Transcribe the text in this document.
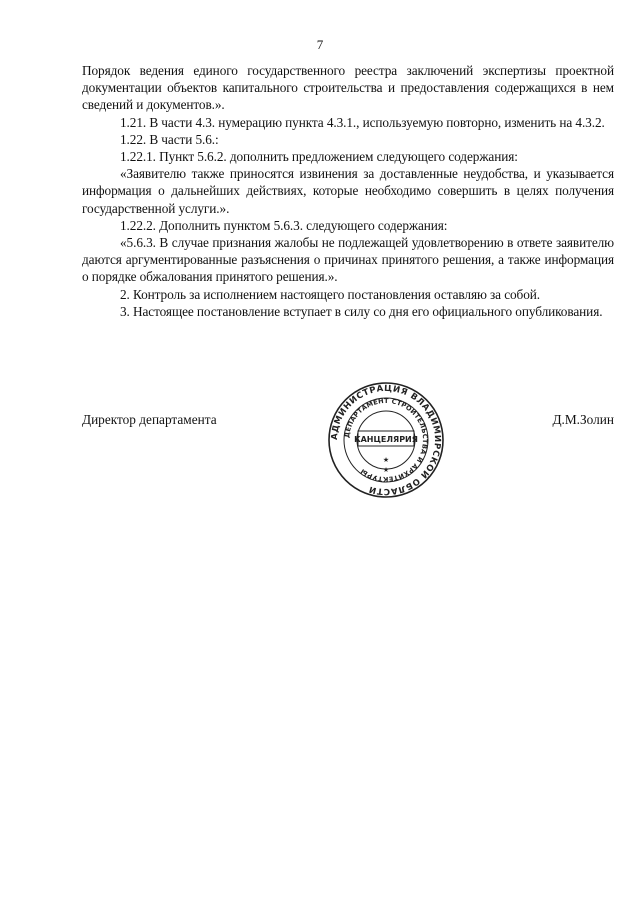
7

Порядок ведения единого государственного реестра заключений экспертизы проектной документации объектов капитального строительства и предоставления содержащихся в нем сведений и документов.».

1.21. В части 4.3. нумерацию пункта 4.3.1., используемую повторно, изменить на 4.3.2.

1.22. В части 5.6.:

1.22.1. Пункт 5.6.2. дополнить предложением следующего содержания:

«Заявителю также приносятся извинения за доставленные неудобства, и указывается информация о дальнейших действиях, которые необходимо совершить в целях получения государственной услуги.».

1.22.2. Дополнить пунктом 5.6.3. следующего содержания:

«5.6.3. В случае признания жалобы не подлежащей удовлетворению в ответе заявителю даются аргументированные разъяснения о причинах принятого решения, а также информация о порядке обжалования принятого решения.».

2. Контроль за исполнением настоящего постановления оставляю за собой.

3. Настоящее постановление вступает в силу со дня его официального опубликования.

Директор департамента
АДМИНИСТРАЦИЯ ВЛАДИМИРСКОЙ ОБЛАСТИ
ДЕПАРТАМЕНТ СТРОИТЕЛЬСТВА И АРХИТЕКТУРЫ
КАНЦЕЛЯРИЯ
★
★
Д.М.Золин
